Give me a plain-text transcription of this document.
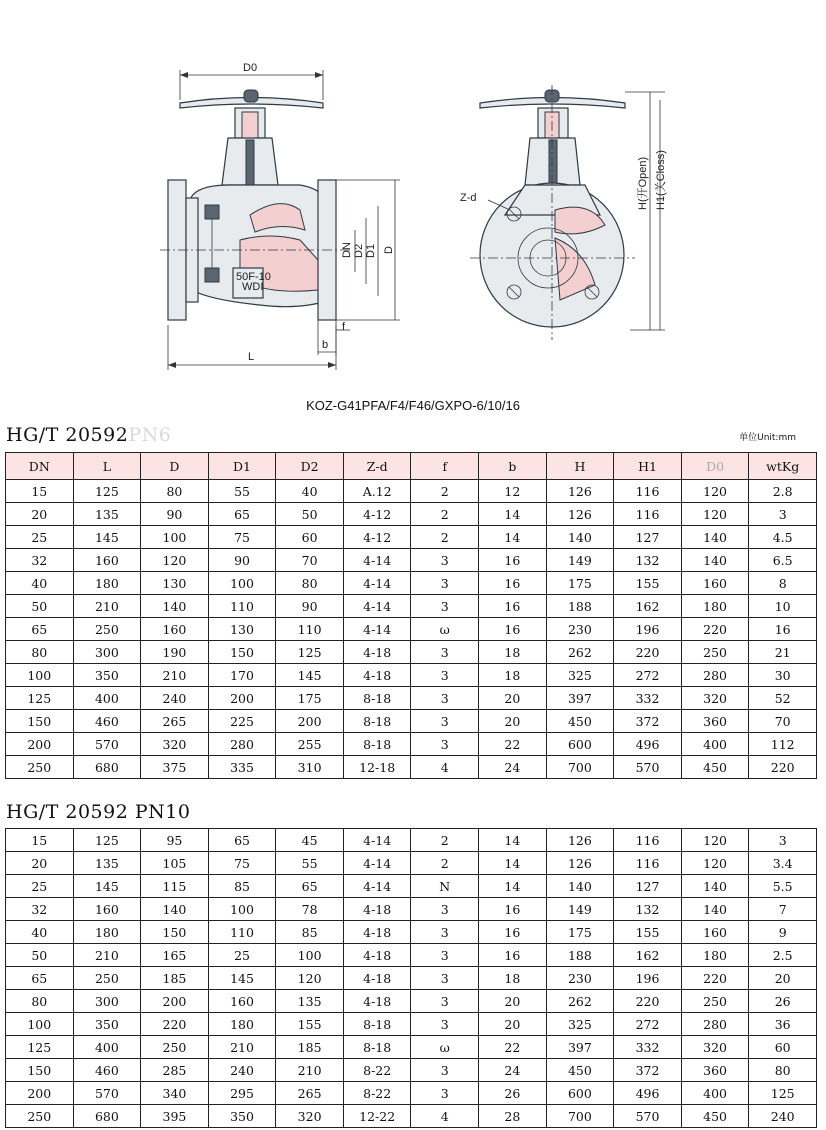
D0
50F-10
WDI
L
b
f
DN D2 D1 D
Z-d	H(开Open) H1(关Closs)
KOZ-G41PFA/F4/F46/GXPO-6/10/16
HG/T 20592PN6	单位Unit:mm
DN	L	D	D1	D2	Z-d	f	b	H	H1	D0	wtKg
15	125	80	55	40	A.12	2	12	126	116	120	2.8
20	135	90	65	50	4-12	2	14	126	116	120	3
25	145	100	75	60	4-12	2	14	140	127	140	4.5
32	160	120	90	70	4-14	3	16	149	132	140	6.5
40	180	130	100	80	4-14	3	16	175	155	160	8
50	210	140	110	90	4-14	3	16	188	162	180	10
65	250	160	130	110	4-14	ω	16	230	196	220	16
80	300	190	150	125	4-18	3	18	262	220	250	21
100	350	210	170	145	4-18	3	18	325	272	280	30
125	400	240	200	175	8-18	3	20	397	332	320	52
150	460	265	225	200	8-18	3	20	450	372	360	70
200	570	320	280	255	8-18	3	22	600	496	400	112
250	680	375	335	310	12-18	4	24	700	570	450	220
HG/T 20592 PN10
15	125	95	65	45	4-14	2	14	126	116	120	3
20	135	105	75	55	4-14	2	14	126	116	120	3.4
25	145	115	85	65	4-14	N	14	140	127	140	5.5
32	160	140	100	78	4-18	3	16	149	132	140	7
40	180	150	110	85	4-18	3	16	175	155	160	9
50	210	165	25	100	4-18	3	16	188	162	180	2.5
65	250	185	145	120	4-18	3	18	230	196	220	20
80	300	200	160	135	4-18	3	20	262	220	250	26
100	350	220	180	155	8-18	3	20	325	272	280	36
125	400	250	210	185	8-18	ω	22	397	332	320	60
150	460	285	240	210	8-22	3	24	450	372	360	80
200	570	340	295	265	8-22	3	26	600	496	400	125
250	680	395	350	320	12-22	4	28	700	570	450	240
